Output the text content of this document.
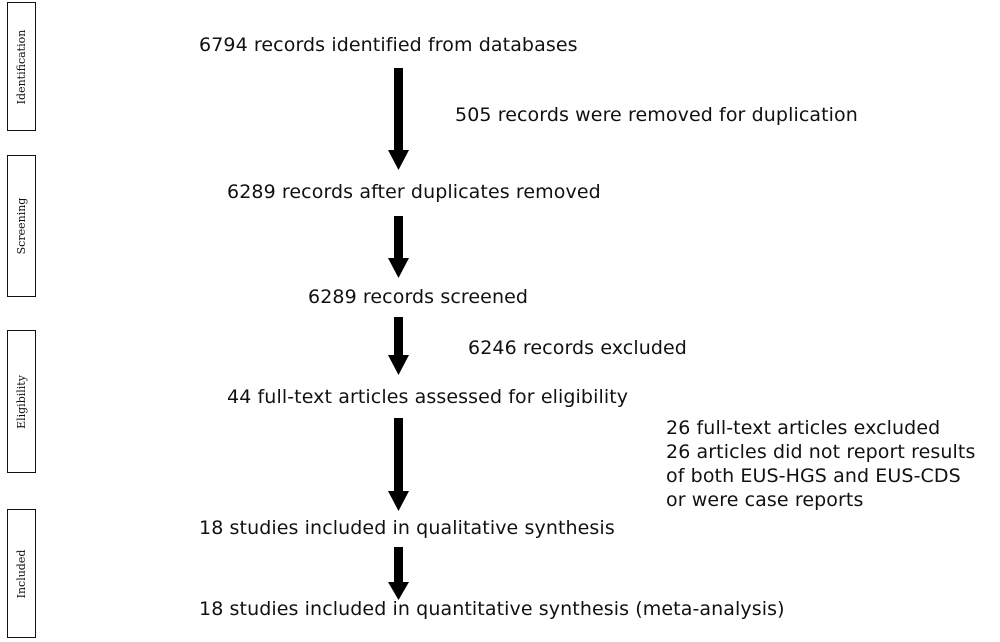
Identification
Screening
Eligibility
Included
6794 records identified from databases
6289 records after duplicates removed
6289 records screened
44 full-text articles assessed for eligibility
18 studies included in qualitative synthesis
18 studies included in quantitative synthesis (meta-analysis)
505 records were removed for duplication
6246 records excluded
26 full-text articles excluded
26 articles did not report results
of both EUS-HGS and EUS-CDS
or were case reports
